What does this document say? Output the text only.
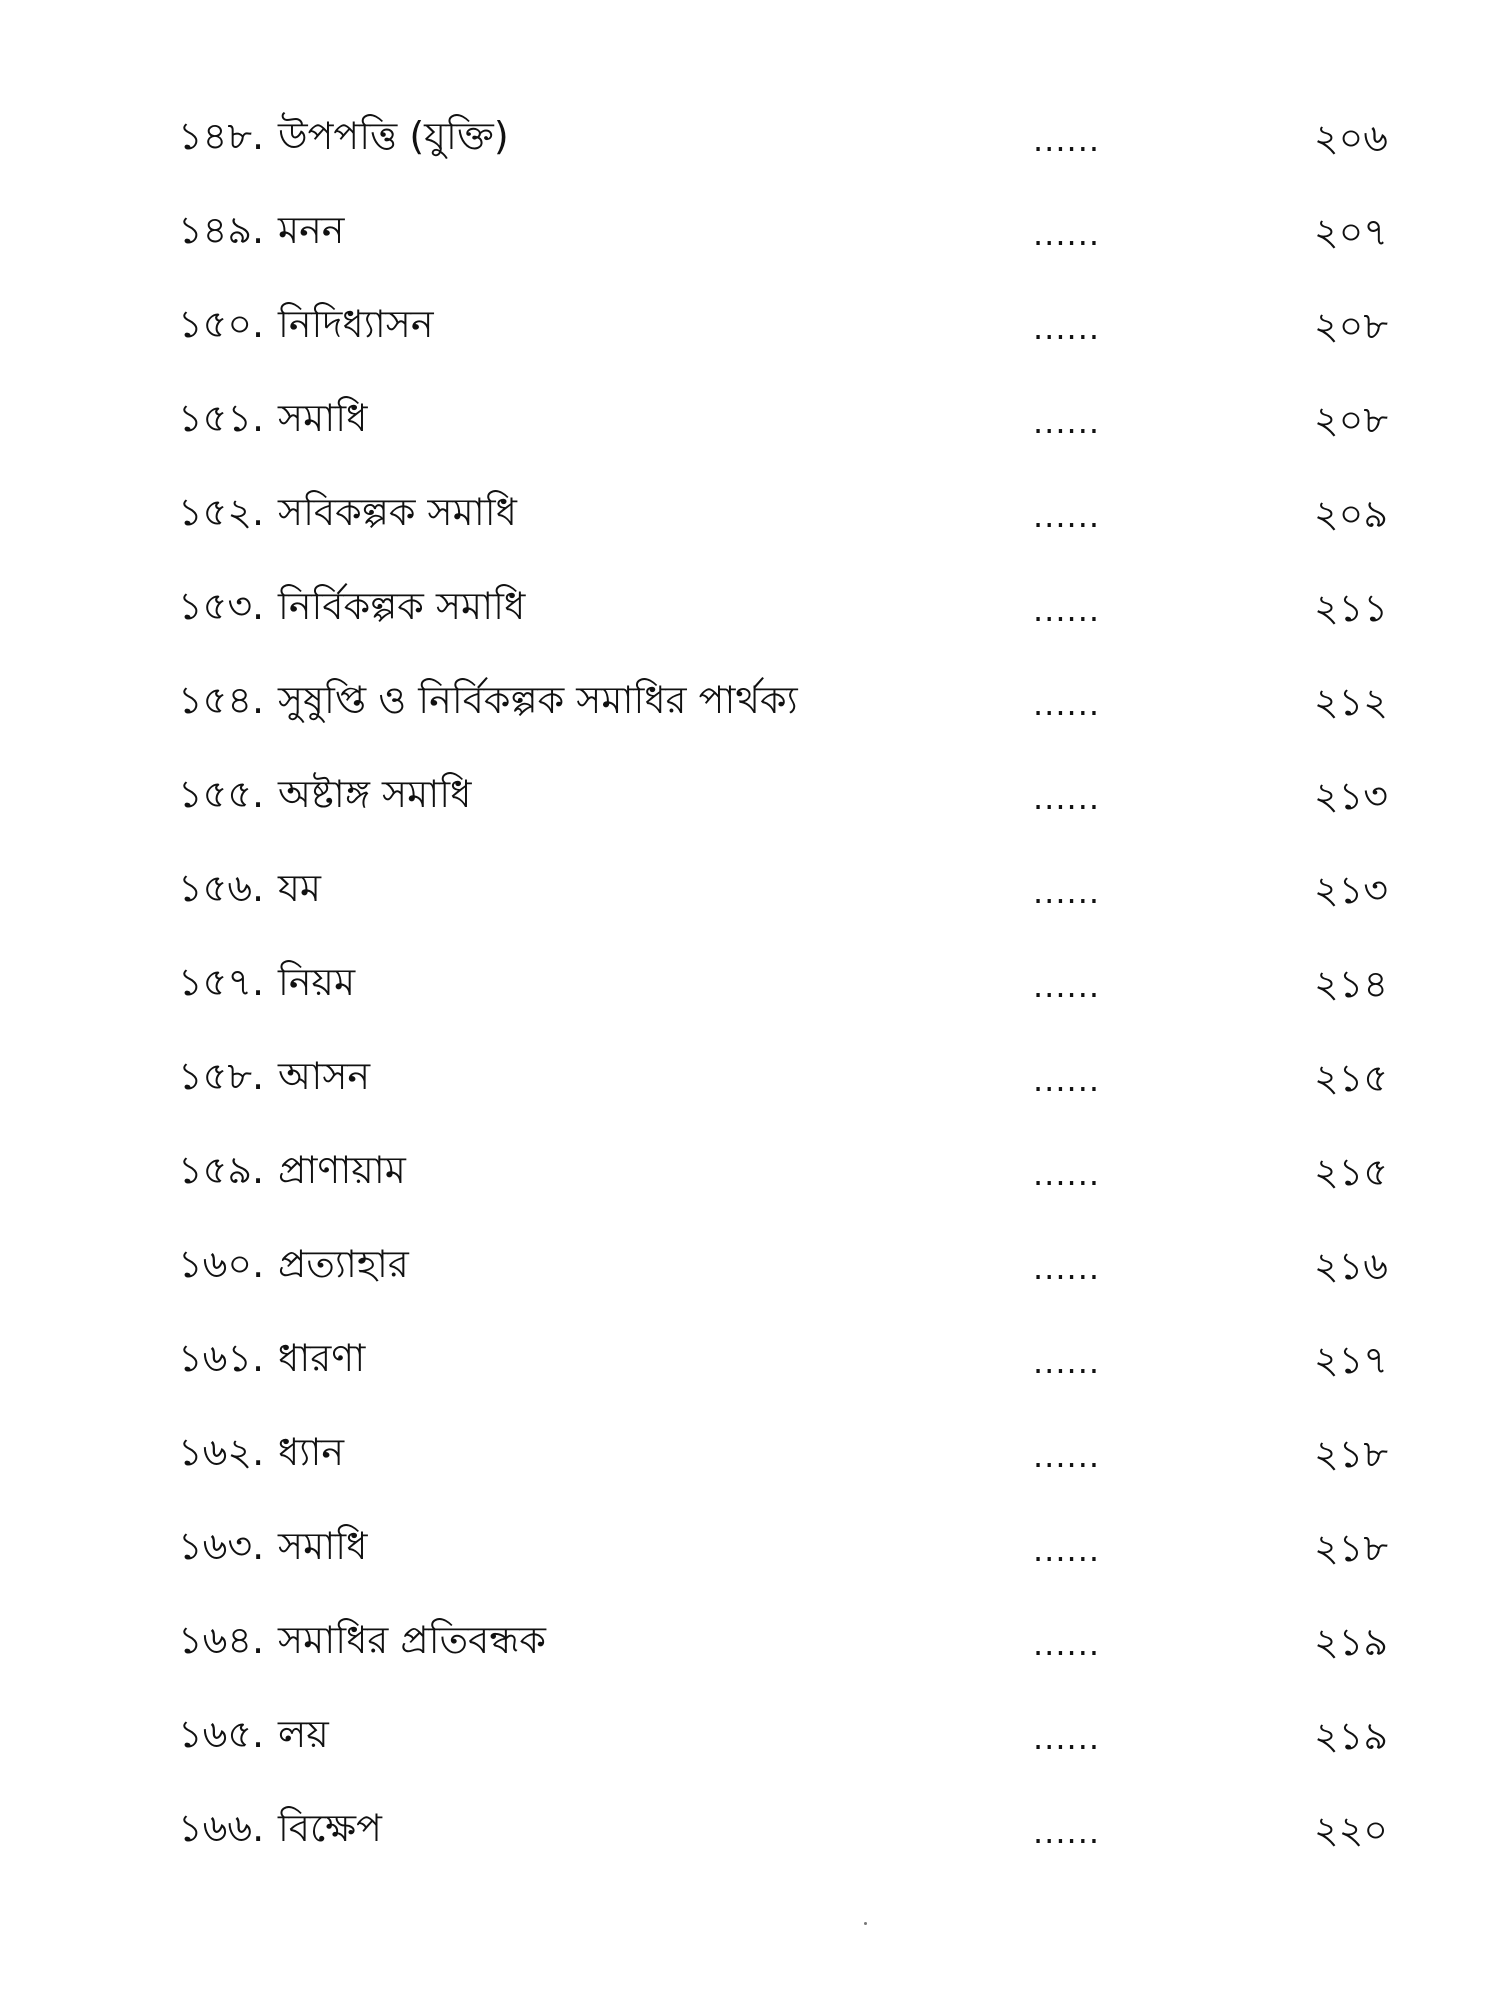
১৪৮. উপপত্তি (যুক্তি)	......	২০৬
১৪৯. মনন	......	২০৭
১৫০. নিদিধ্যাসন	......	২০৮
১৫১. সমাধি	......	২০৮
১৫২. সবিকল্পক সমাধি	......	২০৯
১৫৩. নির্বিকল্পক সমাধি	......	২১১
১৫৪. সুষুপ্তি ও নির্বিকল্পক সমাধির পার্থক্য	......	২১২
১৫৫. অষ্টাঙ্গ সমাধি	......	২১৩
১৫৬. যম	......	২১৩
১৫৭. নিয়ম	......	২১৪
১৫৮. আসন	......	২১৫
১৫৯. প্রাণায়াম	......	২১৫
১৬০. প্রত্যাহার	......	২১৬
১৬১. ধারণা	......	২১৭
১৬২. ধ্যান	......	২১৮
১৬৩. সমাধি	......	২১৮
১৬৪. সমাধির প্রতিবন্ধক	......	২১৯
১৬৫. লয়	......	২১৯
১৬৬. বিক্ষেপ	......	২২০
